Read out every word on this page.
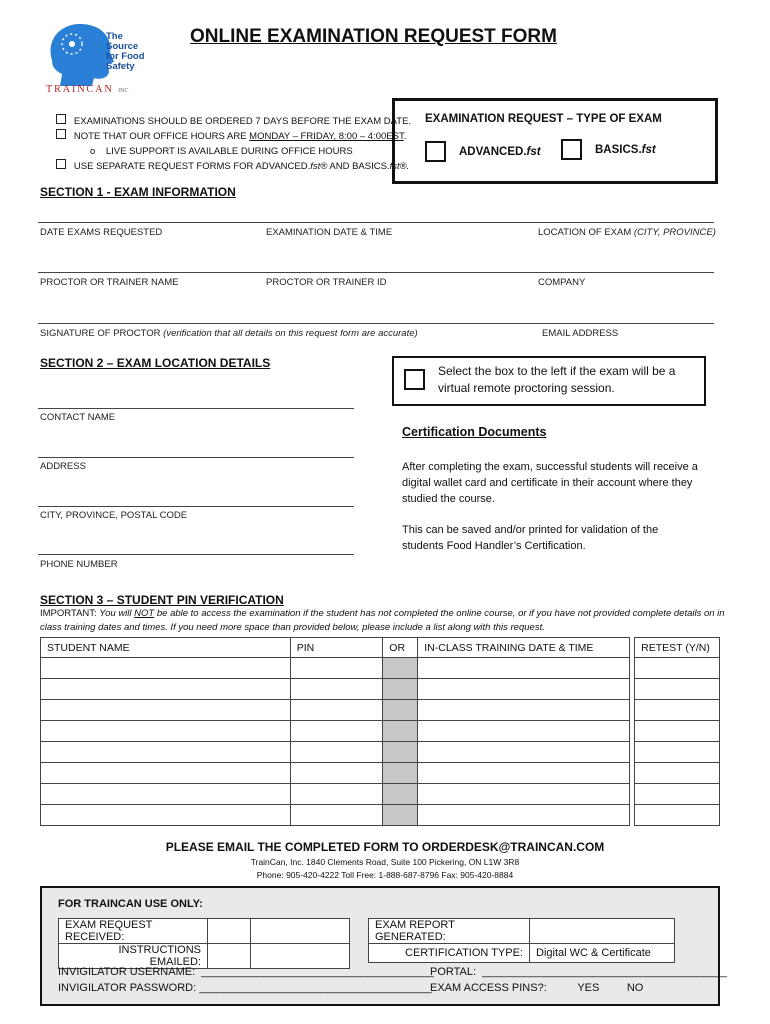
The
Source
for Food
Safety
TRAINCAN INC
ONLINE EXAMINATION REQUEST FORM
EXAMINATIONS SHOULD BE ORDERED 7 DAYS BEFORE THE EXAM DATE.
NOTE THAT OUR OFFICE HOURS ARE MONDAY – FRIDAY, 8:00 – 4:00EST.
o    LIVE SUPPORT IS AVAILABLE DURING OFFICE HOURS
USE SEPARATE REQUEST FORMS FOR ADVANCED.fst® AND BASICS.fst®.
EXAMINATION REQUEST – TYPE OF EXAM
ADVANCED.fst	BASICS.fst
SECTION 1 - EXAM INFORMATION
DATE EXAMS REQUESTED	EXAMINATION DATE & TIME	LOCATION OF EXAM (CITY, PROVINCE)
PROCTOR OR TRAINER NAME	PROCTOR OR TRAINER ID	COMPANY
SIGNATURE OF PROCTOR (verification that all details on this request form are accurate)	EMAIL ADDRESS
SECTION 2 – EXAM LOCATION DETAILS
Select the box to the left if the exam will be a virtual remote proctoring session.
CONTACT NAME
ADDRESS
CITY, PROVINCE, POSTAL CODE
PHONE NUMBER
Certification Documents
After completing the exam, successful students will receive a digital wallet card and certificate in their account where they studied the course.
This can be saved and/or printed for validation of the students Food Handler’s Certification.
SECTION 3 – STUDENT PIN VERIFICATION
IMPORTANT: You will NOT be able to access the examination if the student has not completed the online course, or if you have not provided complete details on in class training dates and times. If you need more space than provided below, please include a list along with this request.
STUDENT NAME	PIN	OR	IN-CLASS TRAINING DATE & TIME		RETEST (Y/N)

PLEASE EMAIL THE COMPLETED FORM TO ORDERDESK@TRAINCAN.COM
TrainCan, Inc. 1840 Clements Road, Suite 100 Pickering, ON L1W 3R8
Phone: 905-420-4222 Toll Free: 1-888-687-8796 Fax: 905-420-8884
FOR TRAINCAN USE ONLY:
EXAM REQUEST RECEIVED:		
INSTRUCTIONS EMAILED:		
EXAM REPORT GENERATED:	
CERTIFICATION TYPE:	Digital WC & Certificate
INVIGILATOR USERNAME: ______________________________________
INVIGILATOR PASSWORD: ______________________________________
PORTAL: ________________________________________
EXAM ACCESS PINS?:	YES	NO
